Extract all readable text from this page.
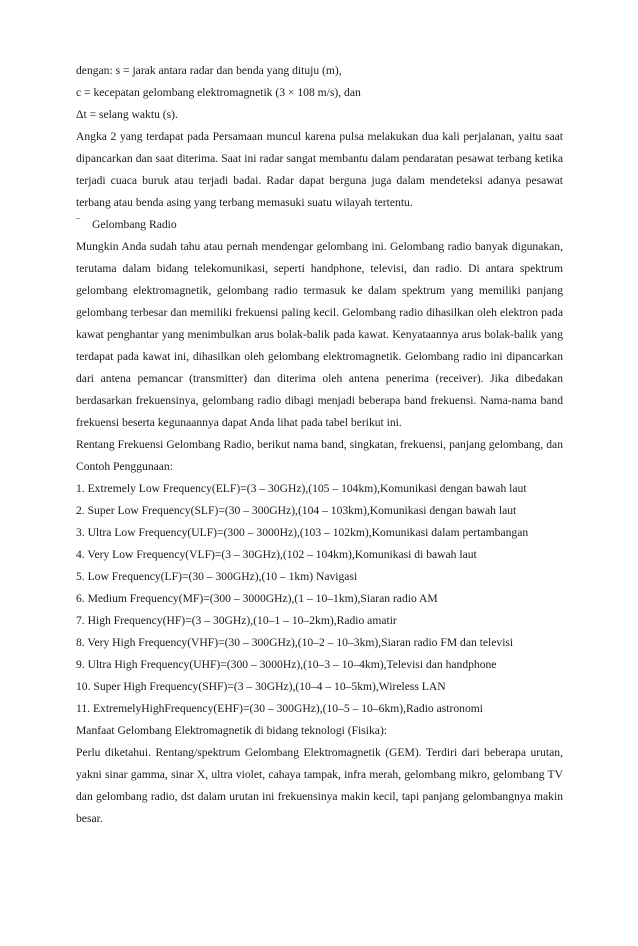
dengan: s = jarak antara radar dan benda yang dituju (m),
c = kecepatan gelombang elektromagnetik (3 × 108 m/s), dan
Δt = selang waktu (s).
Angka 2 yang terdapat pada Persamaan muncul karena pulsa melakukan dua kali perjalanan, yaitu saat dipancarkan dan saat diterima. Saat ini radar sangat membantu dalam pendaratan pesawat terbang ketika terjadi cuaca buruk atau terjadi badai. Radar dapat berguna juga dalam mendeteksi adanya pesawat terbang atau benda asing yang terbang memasuki suatu wilayah tertentu.
‾ Gelombang Radio
Mungkin Anda sudah tahu atau pernah mendengar gelombang ini. Gelombang radio banyak digunakan, terutama dalam bidang telekomunikasi, seperti handphone, televisi, dan radio. Di antara spektrum gelombang elektromagnetik, gelombang radio termasuk ke dalam spektrum yang memiliki panjang gelombang terbesar dan memiliki frekuensi paling kecil. Gelombang radio dihasilkan oleh elektron pada kawat penghantar yang menimbulkan arus bolak-balik pada kawat. Kenyataannya arus bolak-balik yang terdapat pada kawat ini, dihasilkan oleh gelombang elektromagnetik. Gelombang radio ini dipancarkan dari antena pemancar (transmitter) dan diterima oleh antena penerima (receiver). Jika dibedakan berdasarkan frekuensinya, gelombang radio dibagi menjadi beberapa band frekuensi. Nama-nama band frekuensi beserta kegunaannya dapat Anda lihat pada tabel berikut ini.
Rentang Frekuensi Gelombang Radio, berikut nama band, singkatan, frekuensi, panjang gelombang, dan Contoh Penggunaan:
1. Extremely Low Frequency(ELF)=(3 – 30GHz),(105 – 104km),Komunikasi dengan bawah laut
2. Super Low Frequency(SLF)=(30 – 300GHz),(104 – 103km),Komunikasi dengan bawah laut
3. Ultra Low Frequency(ULF)=(300 – 3000Hz),(103 – 102km),Komunikasi dalam pertambangan
4. Very Low Frequency(VLF)=(3 – 30GHz),(102 – 104km),Komunikasi di bawah laut
5. Low Frequency(LF)=(30 – 300GHz),(10 – 1km) Navigasi
6. Medium Frequency(MF)=(300 – 3000GHz),(1 – 10–1km),Siaran radio AM
7. High Frequency(HF)=(3 – 30GHz),(10–1 – 10–2km),Radio amatir
8. Very High Frequency(VHF)=(30 – 300GHz),(10–2 – 10–3km),Siaran radio FM dan televisi
9. Ultra High Frequency(UHF)=(300 – 3000Hz),(10–3 – 10–4km),Televisi dan handphone
10. Super High Frequency(SHF)=(3 – 30GHz),(10–4 – 10–5km),Wireless LAN
11. ExtremelyHighFrequency(EHF)=(30 – 300GHz),(10–5 – 10–6km),Radio astronomi
Manfaat Gelombang Elektromagnetik di bidang teknologi (Fisika):
Perlu diketahui. Rentang/spektrum Gelombang Elektromagnetik (GEM). Terdiri dari beberapa urutan, yakni sinar gamma, sinar X, ultra violet, cahaya tampak, infra merah, gelombang mikro, gelombang TV dan gelombang radio, dst dalam urutan ini frekuensinya makin kecil, tapi panjang gelombangnya makin besar.
